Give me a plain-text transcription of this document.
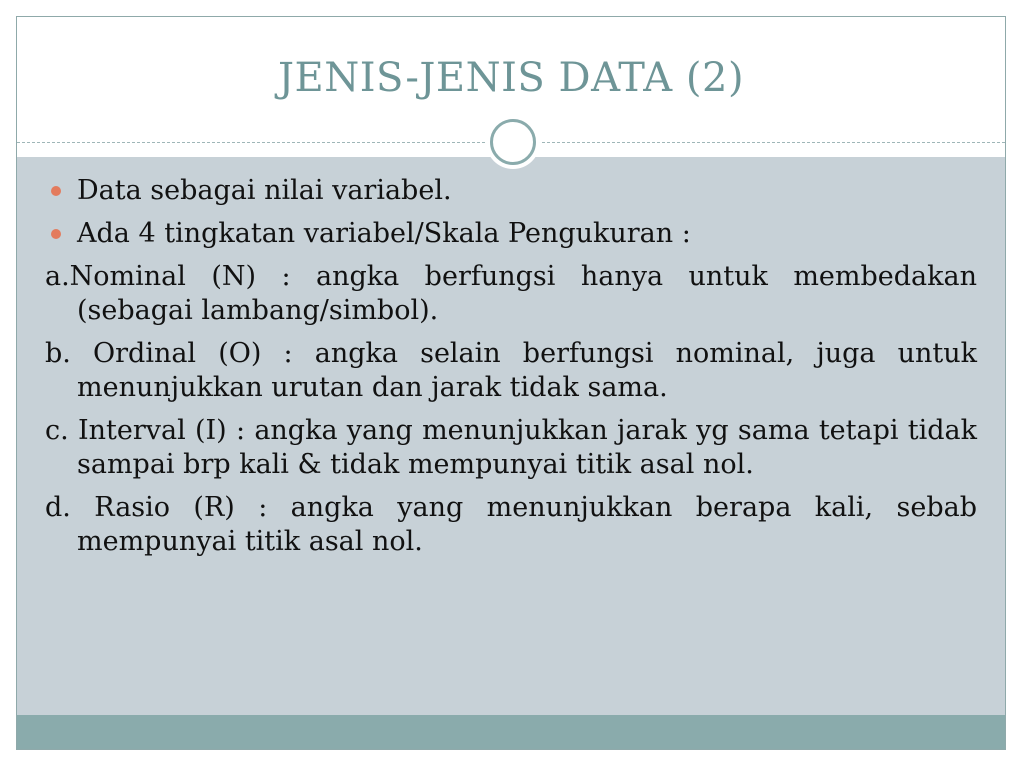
JENIS-JENIS DATA (2)
Data sebagai nilai variabel.
Ada 4 tingkatan variabel/Skala Pengukuran :
a.Nominal (N) : angka berfungsi hanya untuk membedakan (sebagai lambang/simbol).
b. Ordinal (O) : angka selain berfungsi nominal, juga untuk menunjukkan urutan dan jarak tidak sama.
c. Interval (I) : angka yang menunjukkan jarak yg sama tetapi tidak sampai brp kali & tidak mempunyai titik asal nol.
d. Rasio (R) : angka yang menunjukkan berapa kali, sebab mempunyai titik asal nol.
